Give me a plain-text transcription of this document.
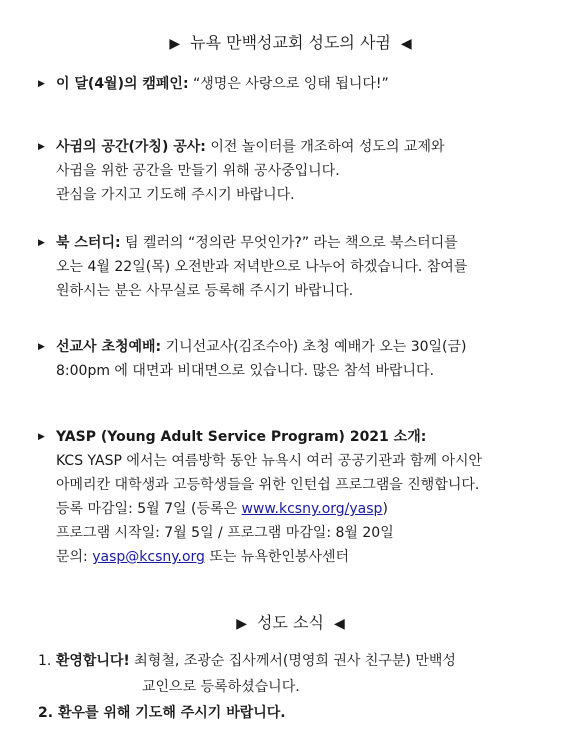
▶ 뉴욕 만백성교회 성도의 사귐 ◀
▶ 이 달(4월)의 캠페인: “생명은 사랑으로 잉태 됩니다!”
▶ 사귐의 공간(가칭) 공사: 이전 놀이터를 개조하여 성도의 교제와
사귐을 위한 공간을 만들기 위해 공사중입니다.
관심을 가지고 기도해 주시기 바랍니다.
▶ 북 스터디: 팀 켈러의 “정의란 무엇인가?” 라는 책으로 북스터디를
오는 4월 22일(목) 오전반과 저녁반으로 나누어 하겠습니다. 참여를
원하시는 분은 사무실로 등록해 주시기 바랍니다.
▶ 선교사 초청예배: 기니선교사(김조수아) 초청 예배가 오는 30일(금)
8:00pm 에 대면과 비대면으로 있습니다. 많은 참석 바랍니다.
▶ YASP (Young Adult Service Program) 2021 소개:
KCS YASP 에서는 여름방학 동안 뉴욕시 여러 공공기관과 함께 아시안
아메리칸 대학생과 고등학생들을 위한 인턴쉽 프로그램을 진행합니다.
등록 마감일: 5월 7일 (등록은 www.kcsny.org/yasp)
프로그램 시작일: 7월 5일 / 프로그램 마감일: 8월 20일
문의: yasp@kcsny.org 또는 뉴욕한인봉사센터
▶ 성도 소식 ◀
1. 환영합니다! 최형철, 조광순 집사께서(명영희 권사 친구분) 만백성
교인으로 등록하셨습니다.
2. 환우를 위해 기도해 주시기 바랍니다.
